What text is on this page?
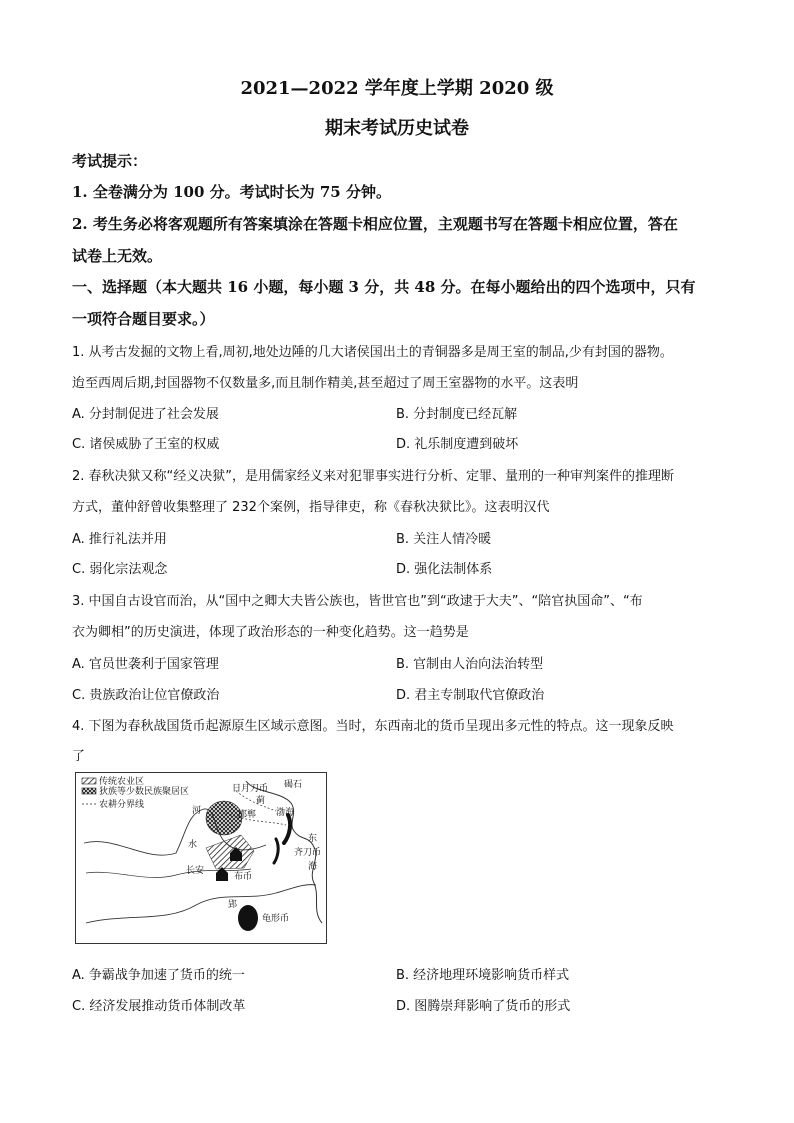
2021—2022 学年度上学期 2020 级
期末考试历史试卷
考试提示：
1. 全卷满分为 100 分。考试时长为 75 分钟。
2. 考生务必将客观题所有答案填涂在答题卡相应位置，主观题书写在答题卡相应位置，答在
试卷上无效。
一、选择题（本大题共 16 小题，每小题 3 分，共 48 分。在每小题给出的四个选项中，只有
一项符合题目要求。）
1. 从考古发掘的文物上看,周初,地处边陲的几大诸侯国出土的青铜器多是周王室的制品,少有封国的器物。
迨至西周后期,封国器物不仅数量多,而且制作精美,甚至超过了周王室器物的水平。这表明
A. 分封制促进了社会发展	B. 分封制度已经瓦解
C. 诸侯威胁了王室的权威	D. 礼乐制度遭到破坏
2. 春秋决狱又称“经义决狱”，是用儒家经义来对犯罪事实进行分析、定罪、量刑的一种审判案件的推理断
方式，董仲舒曾收集整理了 232个案例，指导律吏，称《春秋决狱比》。这表明汉代
A. 推行礼法并用	B. 关注人情冷暖
C. 弱化宗法观念	D. 强化法制体系
3. 中国自古设官而治，从“国中之卿大夫皆公族也，皆世官也”到“政逮于大夫”、“陪官执国命”、“布
衣为卿相”的历史演进，体现了政治形态的一种变化趋势。这一趋势是
A. 官员世袭利于国家管理	B. 官制由人治向法治转型
C. 贵族政治让位官僚政治	D. 君主专制取代官僚政治
4. 下图为春秋战国货币起源原生区域示意图。当时，东西南北的货币呈现出多元性的特点。这一现象反映
了
传统农业区
狄族等少数民族聚居区
农耕分界线
日月刀币 碣石
蓟
渤海
邯郸
河
水
东
齐刀币
海
长安
布币
郢
龟形币
A. 争霸战争加速了货币的统一	B. 经济地理环境影响货币样式
C. 经济发展推动货币体制改革	D. 图腾崇拜影响了货币的形式
